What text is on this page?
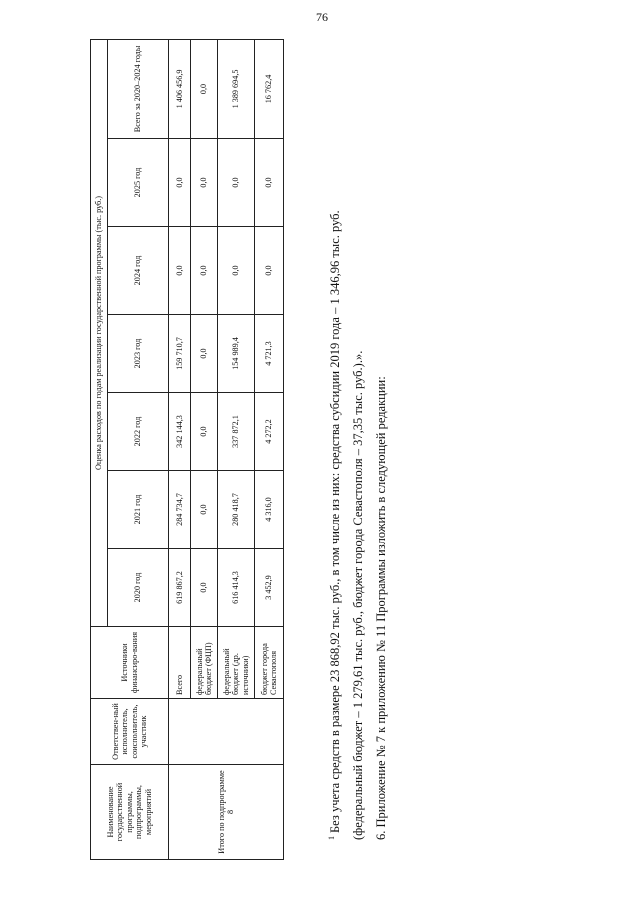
76
Наименование государственной программы, подпрограммы, мероприятий	Ответствен-ный исполнитель, соисполнитель, участник	Источники финансиро-вания	Оценка расходов по годам реализации государственной программы (тыс. руб.)						
			2020 год	2021 год	2022 год	2023 год	2024 год	2025 год	Всего за 2020–2024 годы
Итого по подпрограмме 8		Всего	619 867,2	284 734,7	342 144,3	159 710,7	0,0	0,0	1 406 456,9
		федеральный бюджет (ФЦП)	0,0	0,0	0,0	0,0	0,0	0,0	0,0
		федеральный бюджет (др. источники)	616 414,3	280 418,7	337 872,1	154 989,4	0,0	0,0	1 389 694,5
		бюджет города Севастополя	3 452,9	4 316,0	4 272,2	4 721,3	0,0	0,0	16 762,4

$^1$Без учета средств в размере 23 868,92 тыс. руб., в том числе из них: средства субсидии 2019 года – 1 346,96 тыс. руб. (федеральный бюджет – 1 279,61 тыс. руб., бюджет города Севастополя – 37,35 тыс. руб.).». 6. Приложение № 7 к приложению № 11 Программы изложить в следующей редакции:
